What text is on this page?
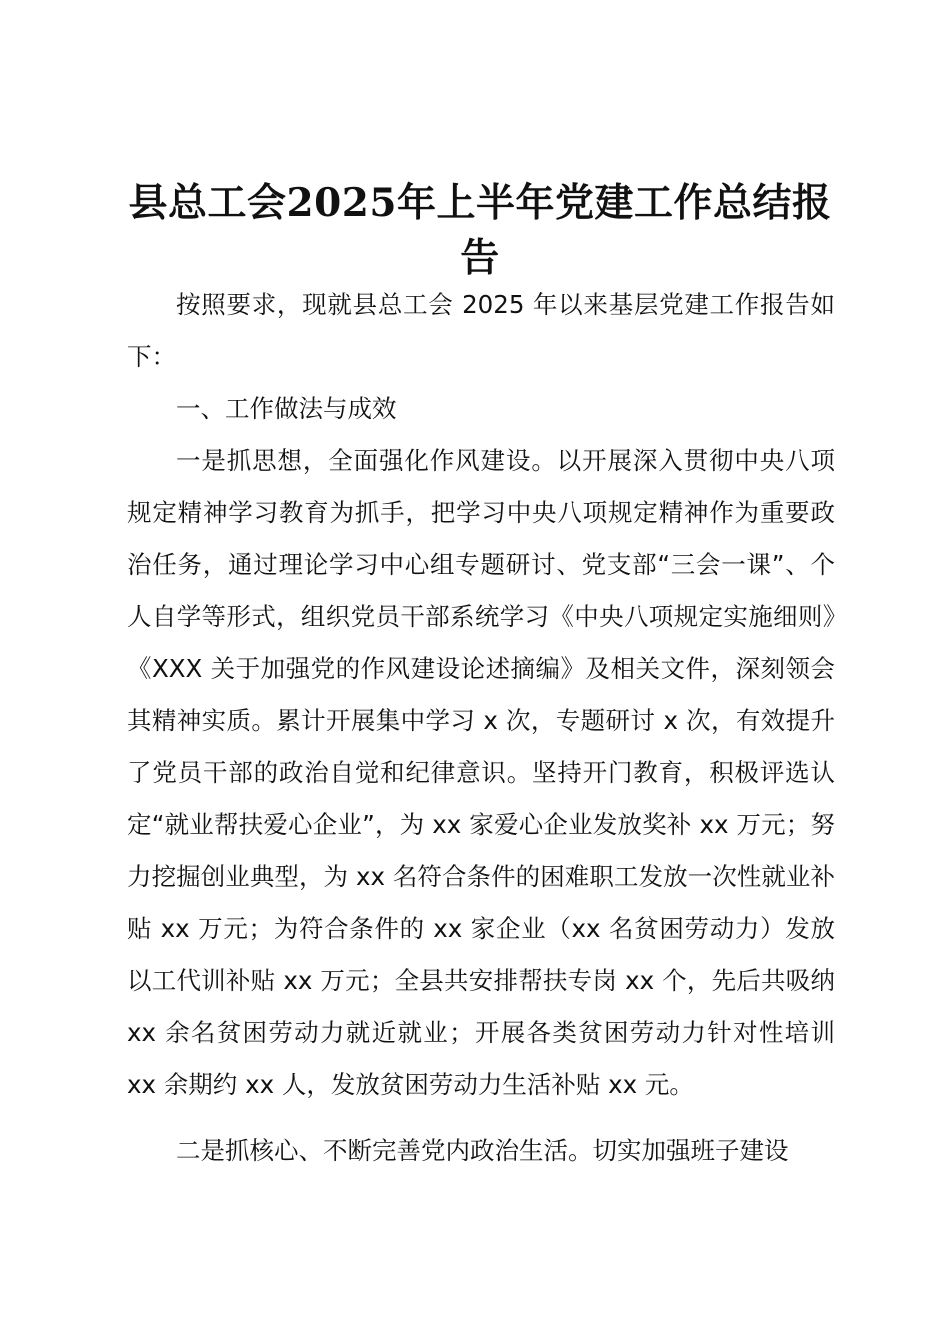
县总工会2025年上半年党建工作总结报告

按照要求，现就县总工会 2025 年以来基层党建工作报告如下：

一、工作做法与成效

一是抓思想，全面强化作风建设。以开展深入贯彻中央八项规定精神学习教育为抓手，把学习中央八项规定精神作为重要政治任务，通过理论学习中心组专题研讨、党支部“三会一课”、个人自学等形式，组织党员干部系统学习《中央八项规定实施细则》《XXX 关于加强党的作风建设论述摘编》及相关文件，深刻领会其精神实质。累计开展集中学习 x 次，专题研讨 x 次，有效提升了党员干部的政治自觉和纪律意识。坚持开门教育，积极评选认定“就业帮扶爱心企业”，为 xx 家爱心企业发放奖补 xx 万元；努力挖掘创业典型，为 xx 名符合条件的困难职工发放一次性就业补贴 xx 万元；为符合条件的 xx 家企业（xx 名贫困劳动力）发放以工代训补贴 xx 万元；全县共安排帮扶专岗 xx 个，先后共吸纳 xx 余名贫困劳动力就近就业；开展各类贫困劳动力针对性培训 xx 余期约 xx 人，发放贫困劳动力生活补贴 xx 元。

二是抓核心、不断完善党内政治生活。切实加强班子建设
